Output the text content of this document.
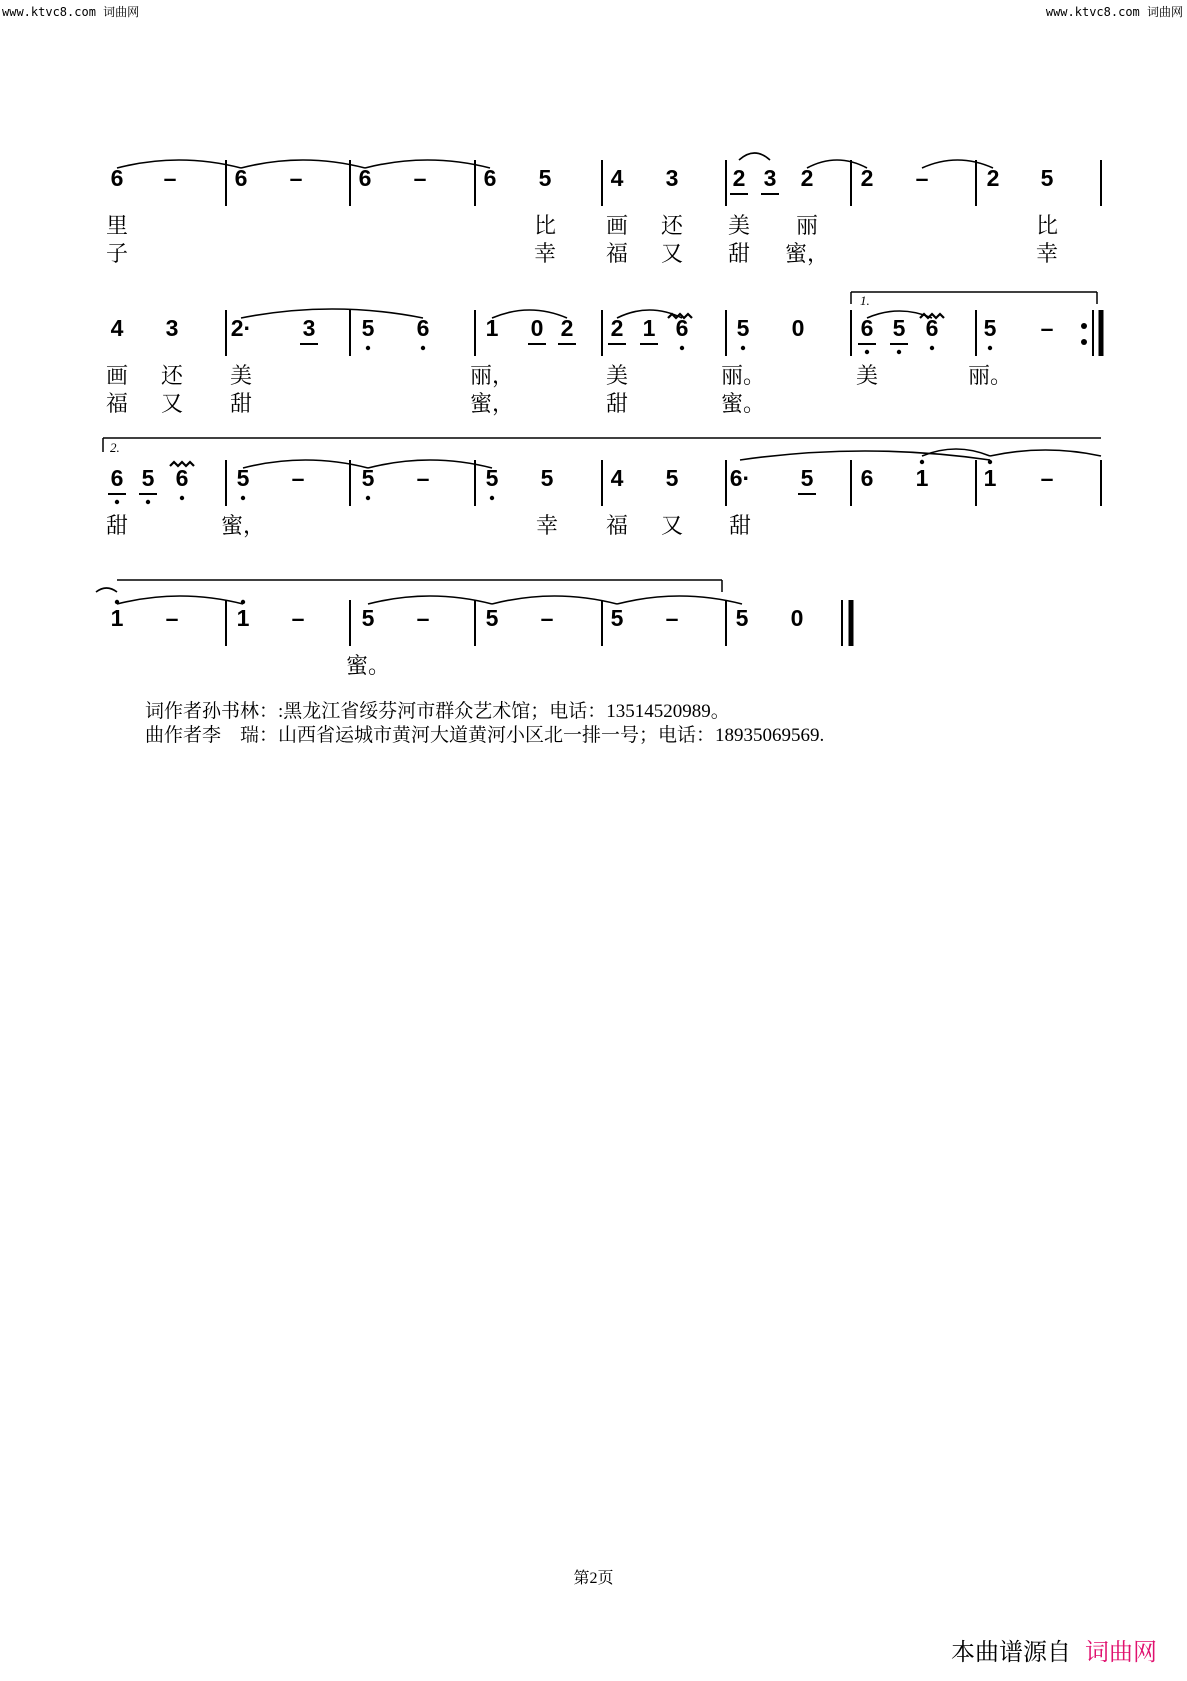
www.ktvc8.com 词曲网	www.ktvc8.com 词曲网
6 –	6 – 6 – 6 5	4 3 2 3 2 2 –	2 5
里	比 画 还 美 丽	比
子	幸 福 又 甜 蜜，	幸
4 3 2· 3 5 6 1 0 2 2 1 6 5 0 6 5 6 5 –
画 还 美	丽，	美	丽。	美	丽。
福 又 甜	蜜，	甜	蜜。
6 5 6 5 – 5 – 5 5 4 5 6· 5 6 1 1 –
甜	蜜，	幸 福 又 甜
1 –	1 – 5 – 5 – 5 – 5 0
蜜。
1.
2.
词作者孙书林：:黑龙江省绥芬河市群众艺术馆；电话：13514520989。
曲作者李　瑞：山西省运城市黄河大道黄河小区北一排一号；电话：18935069569.
第2页
本曲谱源自 词曲网
